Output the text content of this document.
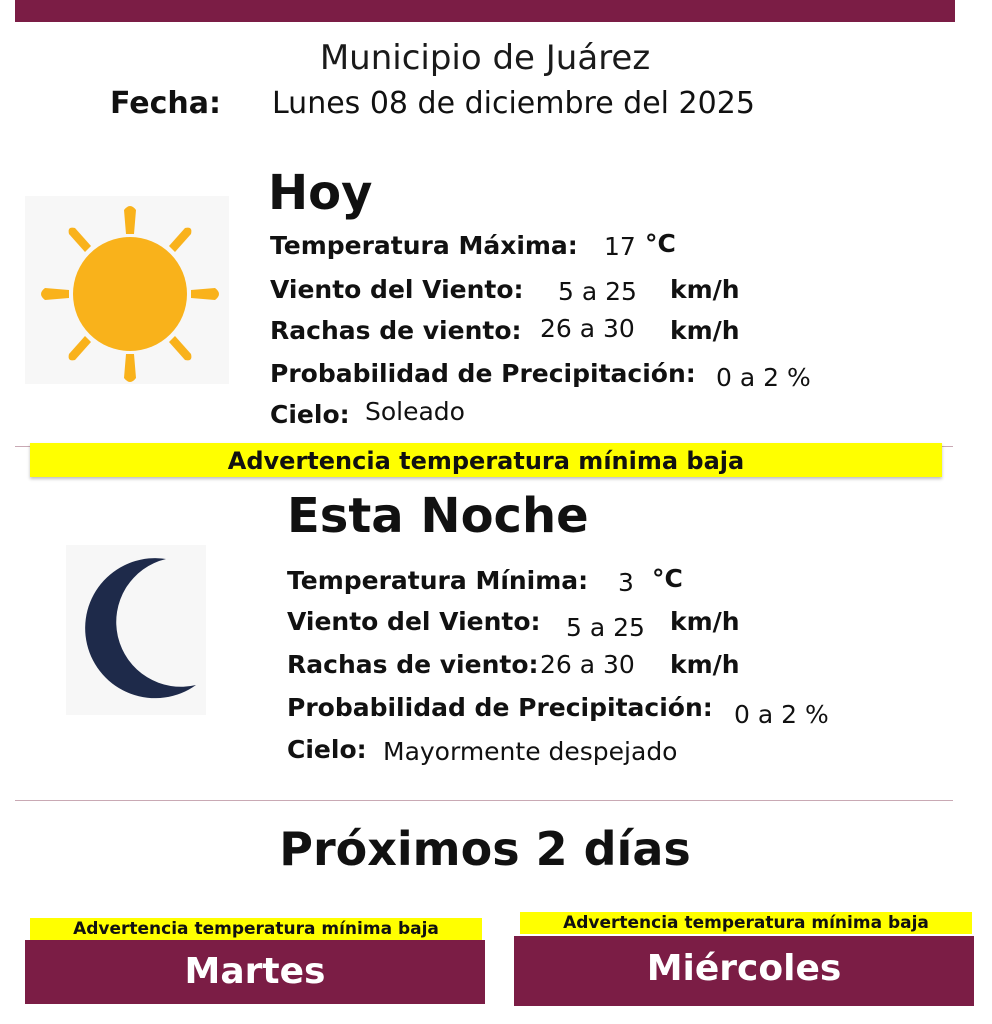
Municipio de Juárez
Fecha: Lunes 08 de diciembre del 2025
Hoy
Temperatura Máxima: 17 °C
Viento del Viento: 5 a 25 km/h
Rachas de viento: 26 a 30 km/h
Probabilidad de Precipitación: 0 a 2 %
Cielo: Soleado
Advertencia temperatura mínima baja
Esta Noche
Temperatura Mínima: 3 °C
Viento del Viento: 5 a 25 km/h
Rachas de viento: 26 a 30 km/h
Probabilidad de Precipitación: 0 a 2 %
Cielo: Mayormente despejado
Próximos 2 días
Advertencia temperatura mínima baja
Martes
Advertencia temperatura mínima baja
Miércoles
